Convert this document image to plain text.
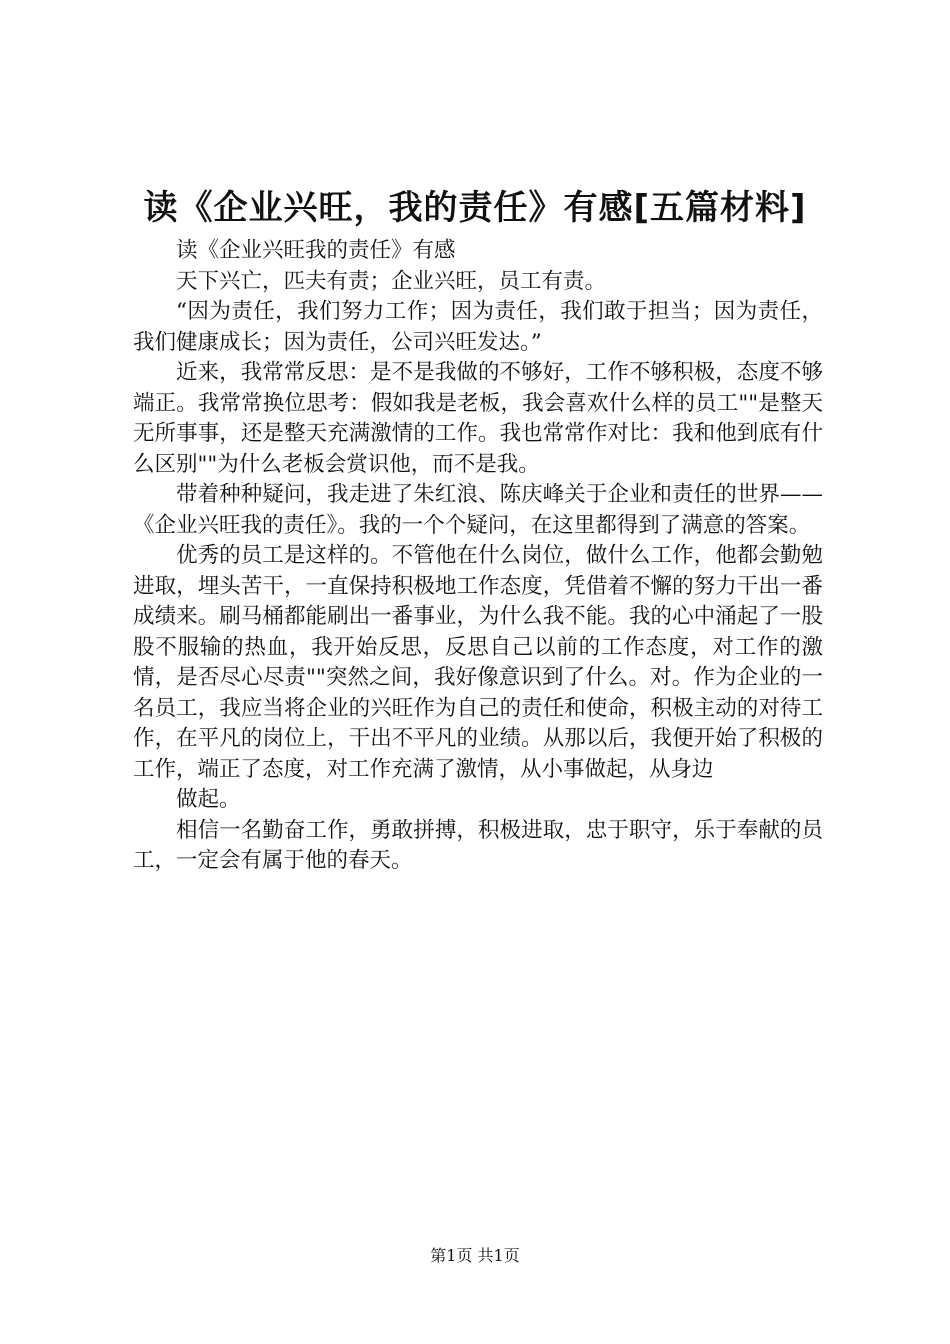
读《企业兴旺，我的责任》有感[五篇材料]

读《企业兴旺我的责任》有感

天下兴亡，匹夫有责；企业兴旺，员工有责。

“因为责任，我们努力工作；因为责任，我们敢于担当；因为责任，我们健康成长；因为责任，公司兴旺发达。”

近来，我常常反思：是不是我做的不够好，工作不够积极，态度不够端正。我常常换位思考：假如我是老板，我会喜欢什么样的员工""是整天无所事事，还是整天充满激情的工作。我也常常作对比：我和他到底有什么区别""为什么老板会赏识他，而不是我。

带着种种疑问，我走进了朱红浪、陈庆峰关于企业和责任的世界——《企业兴旺我的责任》。我的一个个疑问，在这里都得到了满意的答案。

优秀的员工是这样的。不管他在什么岗位，做什么工作，他都会勤勉进取，埋头苦干，一直保持积极地工作态度，凭借着不懈的努力干出一番成绩来。刷马桶都能刷出一番事业，为什么我不能。我的心中涌起了一股股不服输的热血，我开始反思，反思自己以前的工作态度，对工作的激情，是否尽心尽责""突然之间，我好像意识到了什么。对。作为企业的一名员工，我应当将企业的兴旺作为自己的责任和使命，积极主动的对待工作，在平凡的岗位上，干出不平凡的业绩。从那以后，我便开始了积极的工作，端正了态度，对工作充满了激情，从小事做起，从身边

做起。

相信一名勤奋工作，勇敢拼搏，积极进取，忠于职守，乐于奉献的员工，一定会有属于他的春天。

第1页 共1页
